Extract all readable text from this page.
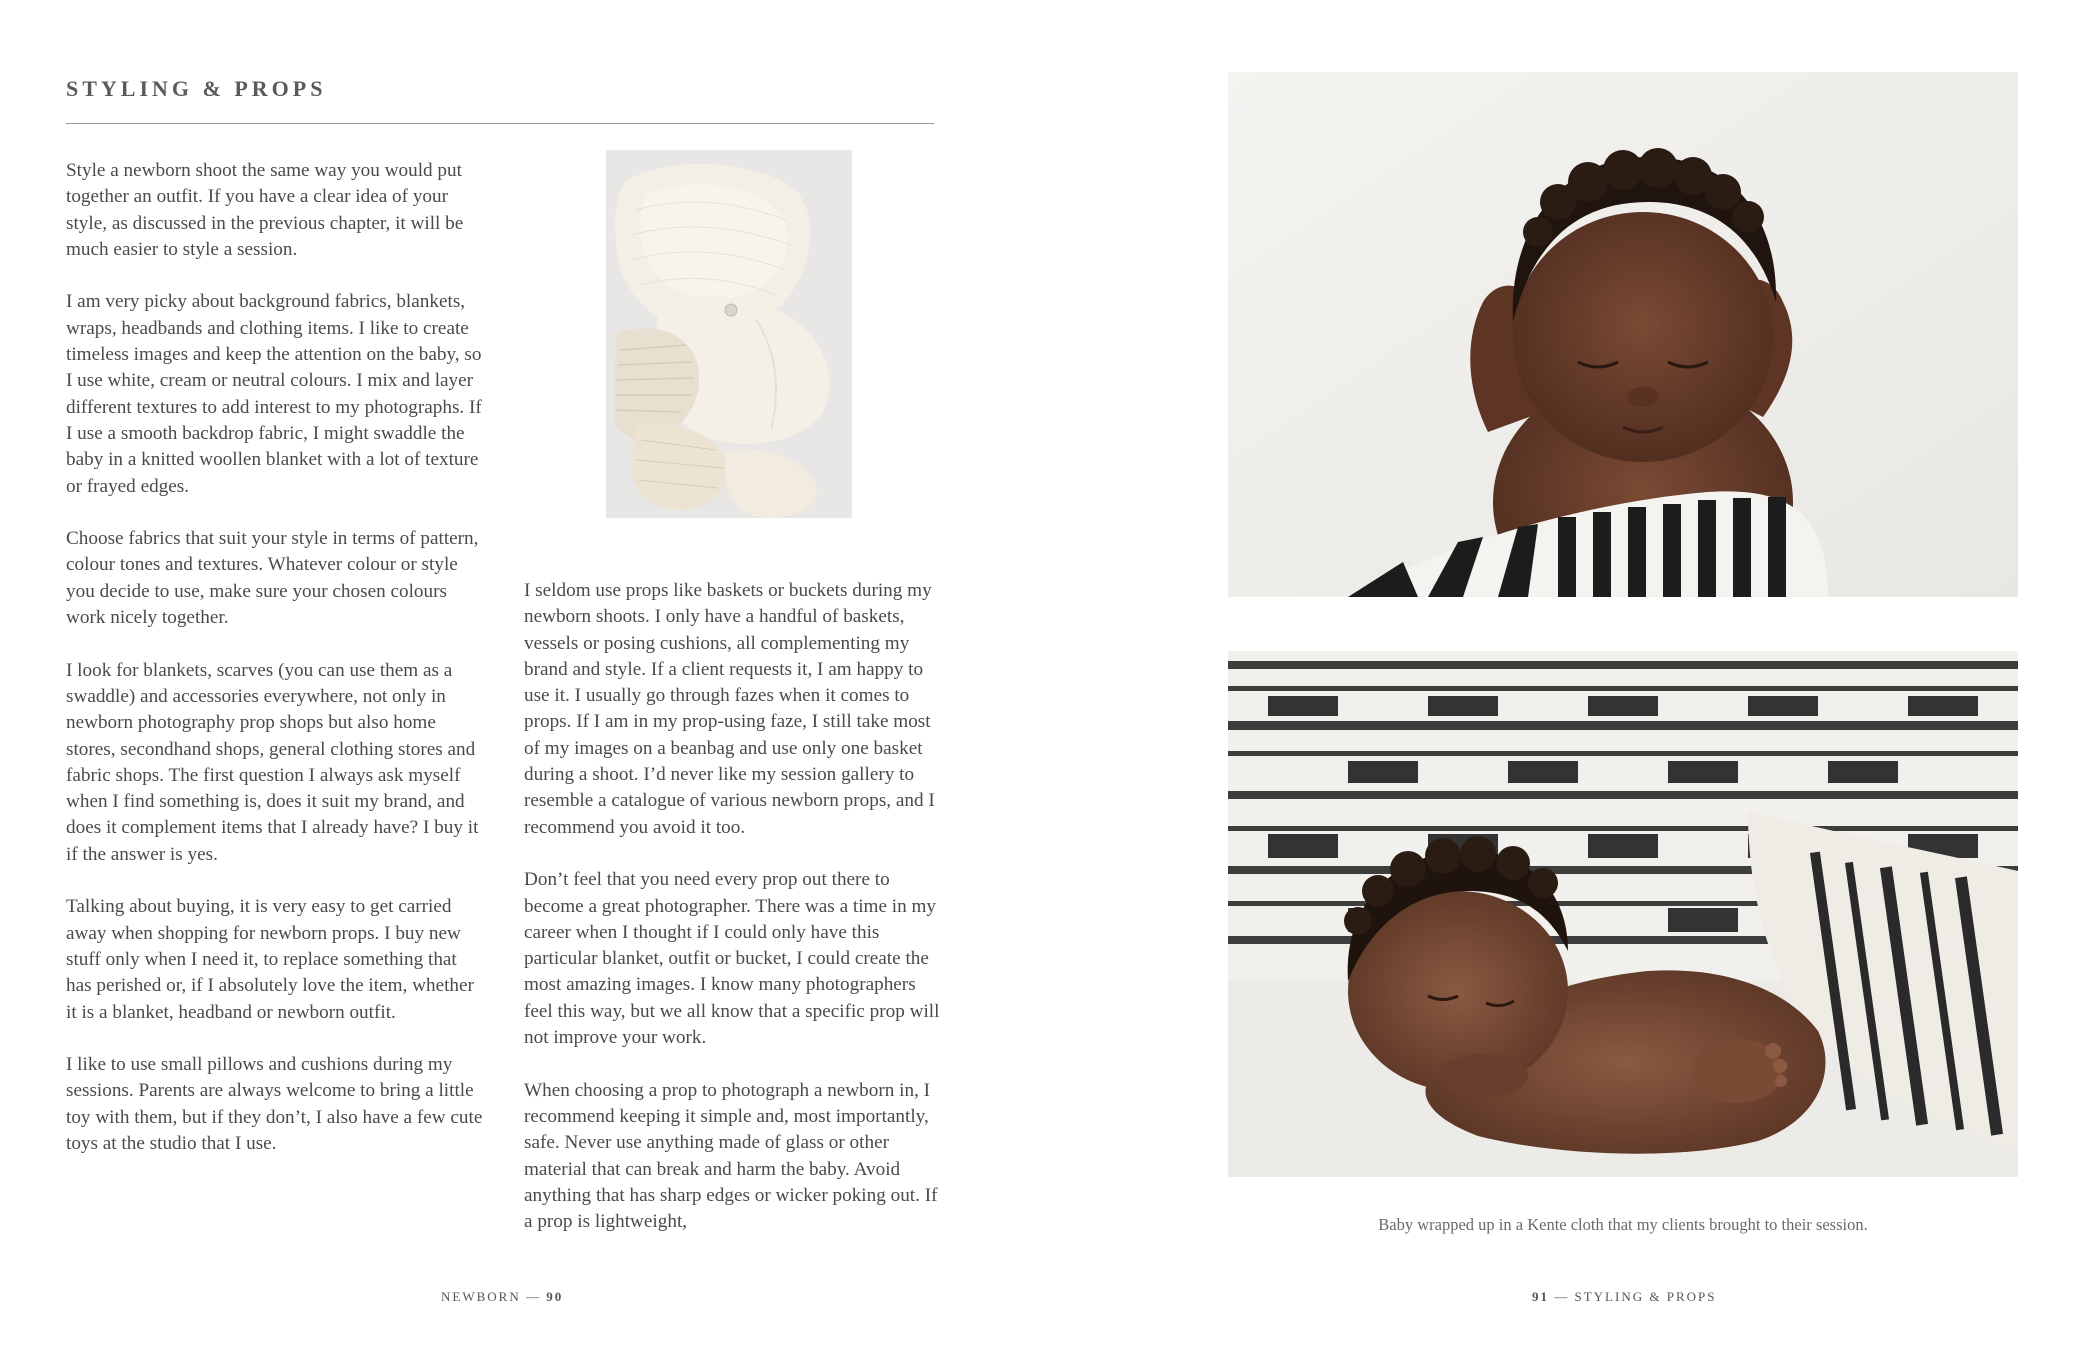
STYLING & PROPS

Style a newborn shoot the same way you would put together an outfit. If you have a clear idea of your style, as discussed in the previous chapter, it will be much easier to style a session.

I am very picky about background fabrics, blankets, wraps, headbands and clothing items. I like to create timeless images and keep the attention on the baby, so I use white, cream or neutral colours. I mix and layer different textures to add interest to my photographs. If I use a smooth backdrop fabric, I might swaddle the baby in a knitted woollen blanket with a lot of texture or frayed edges.

Choose fabrics that suit your style in terms of pattern, colour tones and textures. Whatever colour or style you decide to use, make sure your chosen colours work nicely together.

I look for blankets, scarves (you can use them as a swaddle) and accessories everywhere, not only in newborn photography prop shops but also home stores, secondhand shops, general clothing stores and fabric shops. The first question I always ask myself when I find something is, does it suit my brand, and does it complement items that I already have? I buy it if the answer is yes.

Talking about buying, it is very easy to get carried away when shopping for newborn props. I buy new stuff only when I need it, to replace something that has perished or, if I absolutely love the item, whether it is a blanket, headband or newborn outfit.

I like to use small pillows and cushions during my sessions. Parents are always welcome to bring a little toy with them, but if they don’t, I also have a few cute toys at the studio that I use.

I seldom use props like baskets or buckets during my newborn shoots. I only have a handful of baskets, vessels or posing cushions, all complementing my brand and style. If a client requests it, I am happy to use it. I usually go through fazes when it comes to props. If I am in my prop-using faze, I still take most of my images on a beanbag and use only one basket during a shoot. I’d never like my session gallery to resemble a catalogue of various newborn props, and I recommend you avoid it too.

Don’t feel that you need every prop out there to become a great photographer. There was a time in my career when I thought if I could only have this particular blanket, outfit or bucket, I could create the most amazing images. I know many photographers feel this way, but we all know that a specific prop will not improve your work.

When choosing a prop to photograph a newborn in, I recommend keeping it simple and, most importantly, safe. Never use anything made of glass or other material that can break and harm the baby. Avoid anything that has sharp edges or wicker poking out. If a prop is lightweight,

NEWBORN — 90
Baby wrapped up in a Kente cloth that my clients brought to their session.
91 — STYLING & PROPS
